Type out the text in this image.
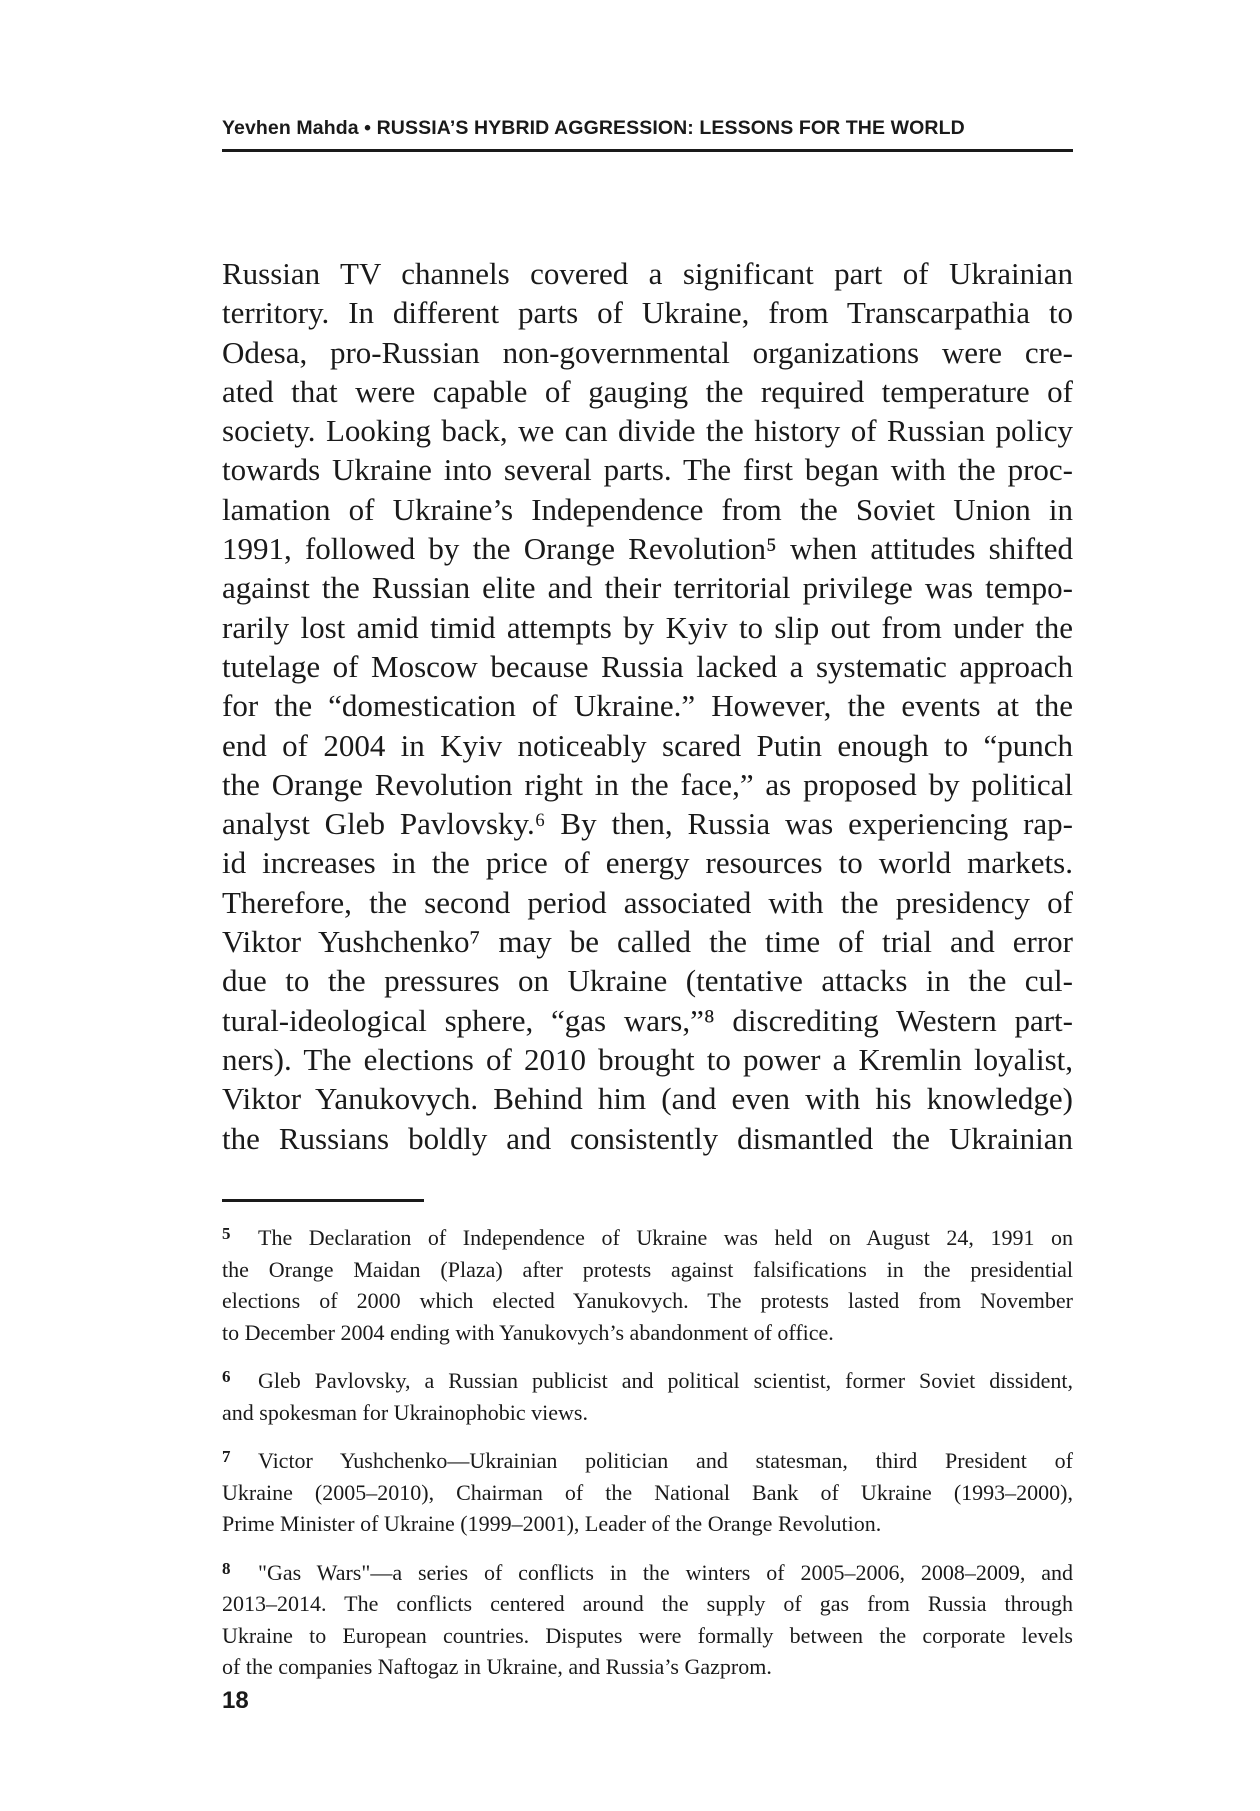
Yevhen Mahda • RUSSIA’S HYBRID AGGRESSION: LESSONS FOR THE WORLD
Russian TV channels covered a significant part of Ukrainian
territory. In different parts of Ukraine, from Transcarpathia to
Odesa, pro-Russian non-governmental organizations were cre-
ated that were capable of gauging the required temperature of
society. Looking back, we can divide the history of Russian policy
towards Ukraine into several parts. The first began with the proc-
lamation of Ukraine’s Independence from the Soviet Union in
1991, followed by the Orange Revolution⁵ when attitudes shifted
against the Russian elite and their territorial privilege was tempo-
rarily lost amid timid attempts by Kyiv to slip out from under the
tutelage of Moscow because Russia lacked a systematic approach
for the “domestication of Ukraine.” However, the events at the
end of 2004 in Kyiv noticeably scared Putin enough to “punch
the Orange Revolution right in the face,” as proposed by political
analyst Gleb Pavlovsky.⁶ By then, Russia was experiencing rap-
id increases in the price of energy resources to world markets.
Therefore, the second period associated with the presidency of
Viktor Yushchenko⁷ may be called the time of trial and error
due to the pressures on Ukraine (tentative attacks in the cul-
tural-ideological sphere, “gas wars,”⁸ discrediting Western part-
ners). The elections of 2010 brought to power a Kremlin loyalist,
Viktor Yanukovych. Behind him (and even with his knowledge)
the Russians boldly and consistently dismantled the Ukrainian
5 The Declaration of Independence of Ukraine was held on August 24, 1991 on
the Orange Maidan (Plaza) after protests against falsifications in the presidential
elections of 2000 which elected Yanukovych. The protests lasted from November
to December 2004 ending with Yanukovych’s abandonment of office.
6 Gleb Pavlovsky, a Russian publicist and political scientist, former Soviet dissident,
and spokesman for Ukrainophobic views.
7 Victor Yushchenko—Ukrainian politician and statesman, third President of
Ukraine (2005–2010), Chairman of the National Bank of Ukraine (1993–2000),
Prime Minister of Ukraine (1999–2001), Leader of the Orange Revolution.
8 "Gas Wars"—a series of conflicts in the winters of 2005–2006, 2008–2009, and
2013–2014. The conflicts centered around the supply of gas from Russia through
Ukraine to European countries. Disputes were formally between the corporate levels
of the companies Naftogaz in Ukraine, and Russia’s Gazprom.
18
